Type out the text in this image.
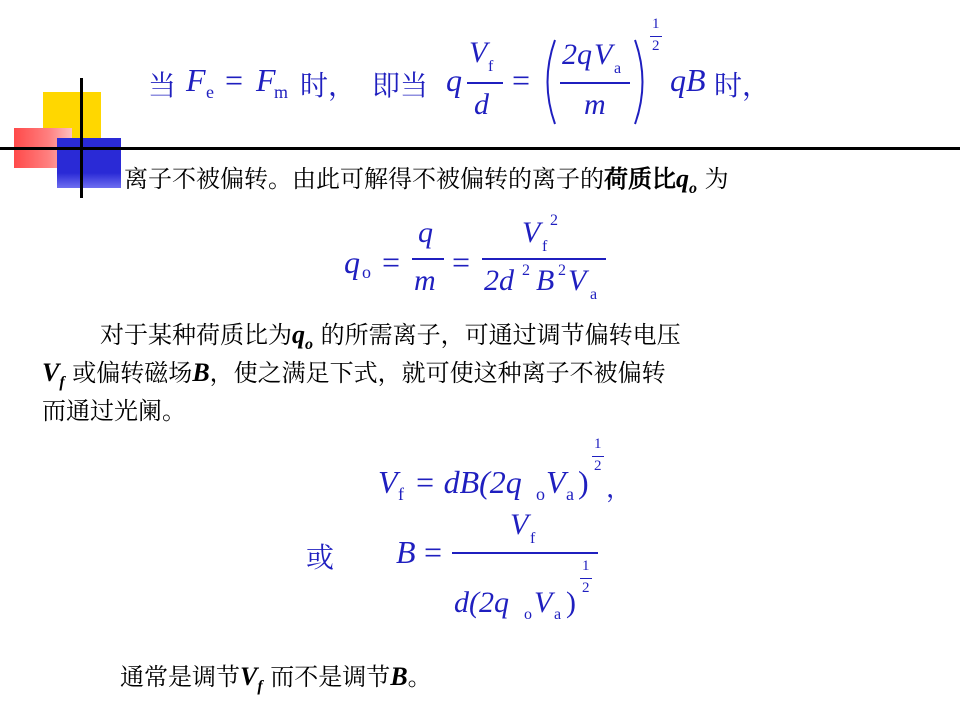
当 F e = F
m 时， 即当 q
V f
d
=
2q V a
m
1
2
qB 时，
离子不被偏转。由此可解得不被偏转的离子的荷质比$q_o$ 为
q o =
q
m
=
V f
2
2d 2 B 2 V a
对于某种荷质比为$q_o$ 的所需离子，可通过调节偏转电压
$V_f$ 或偏转磁场B，使之满足下式，就可使这种离子不被偏转
而通过光阑。
V f = dB(2q o V a )
1
2
，
或 B =
V f
d(2q o V a )
1
2
通常是调节$V_f$ 而不是调节B。
